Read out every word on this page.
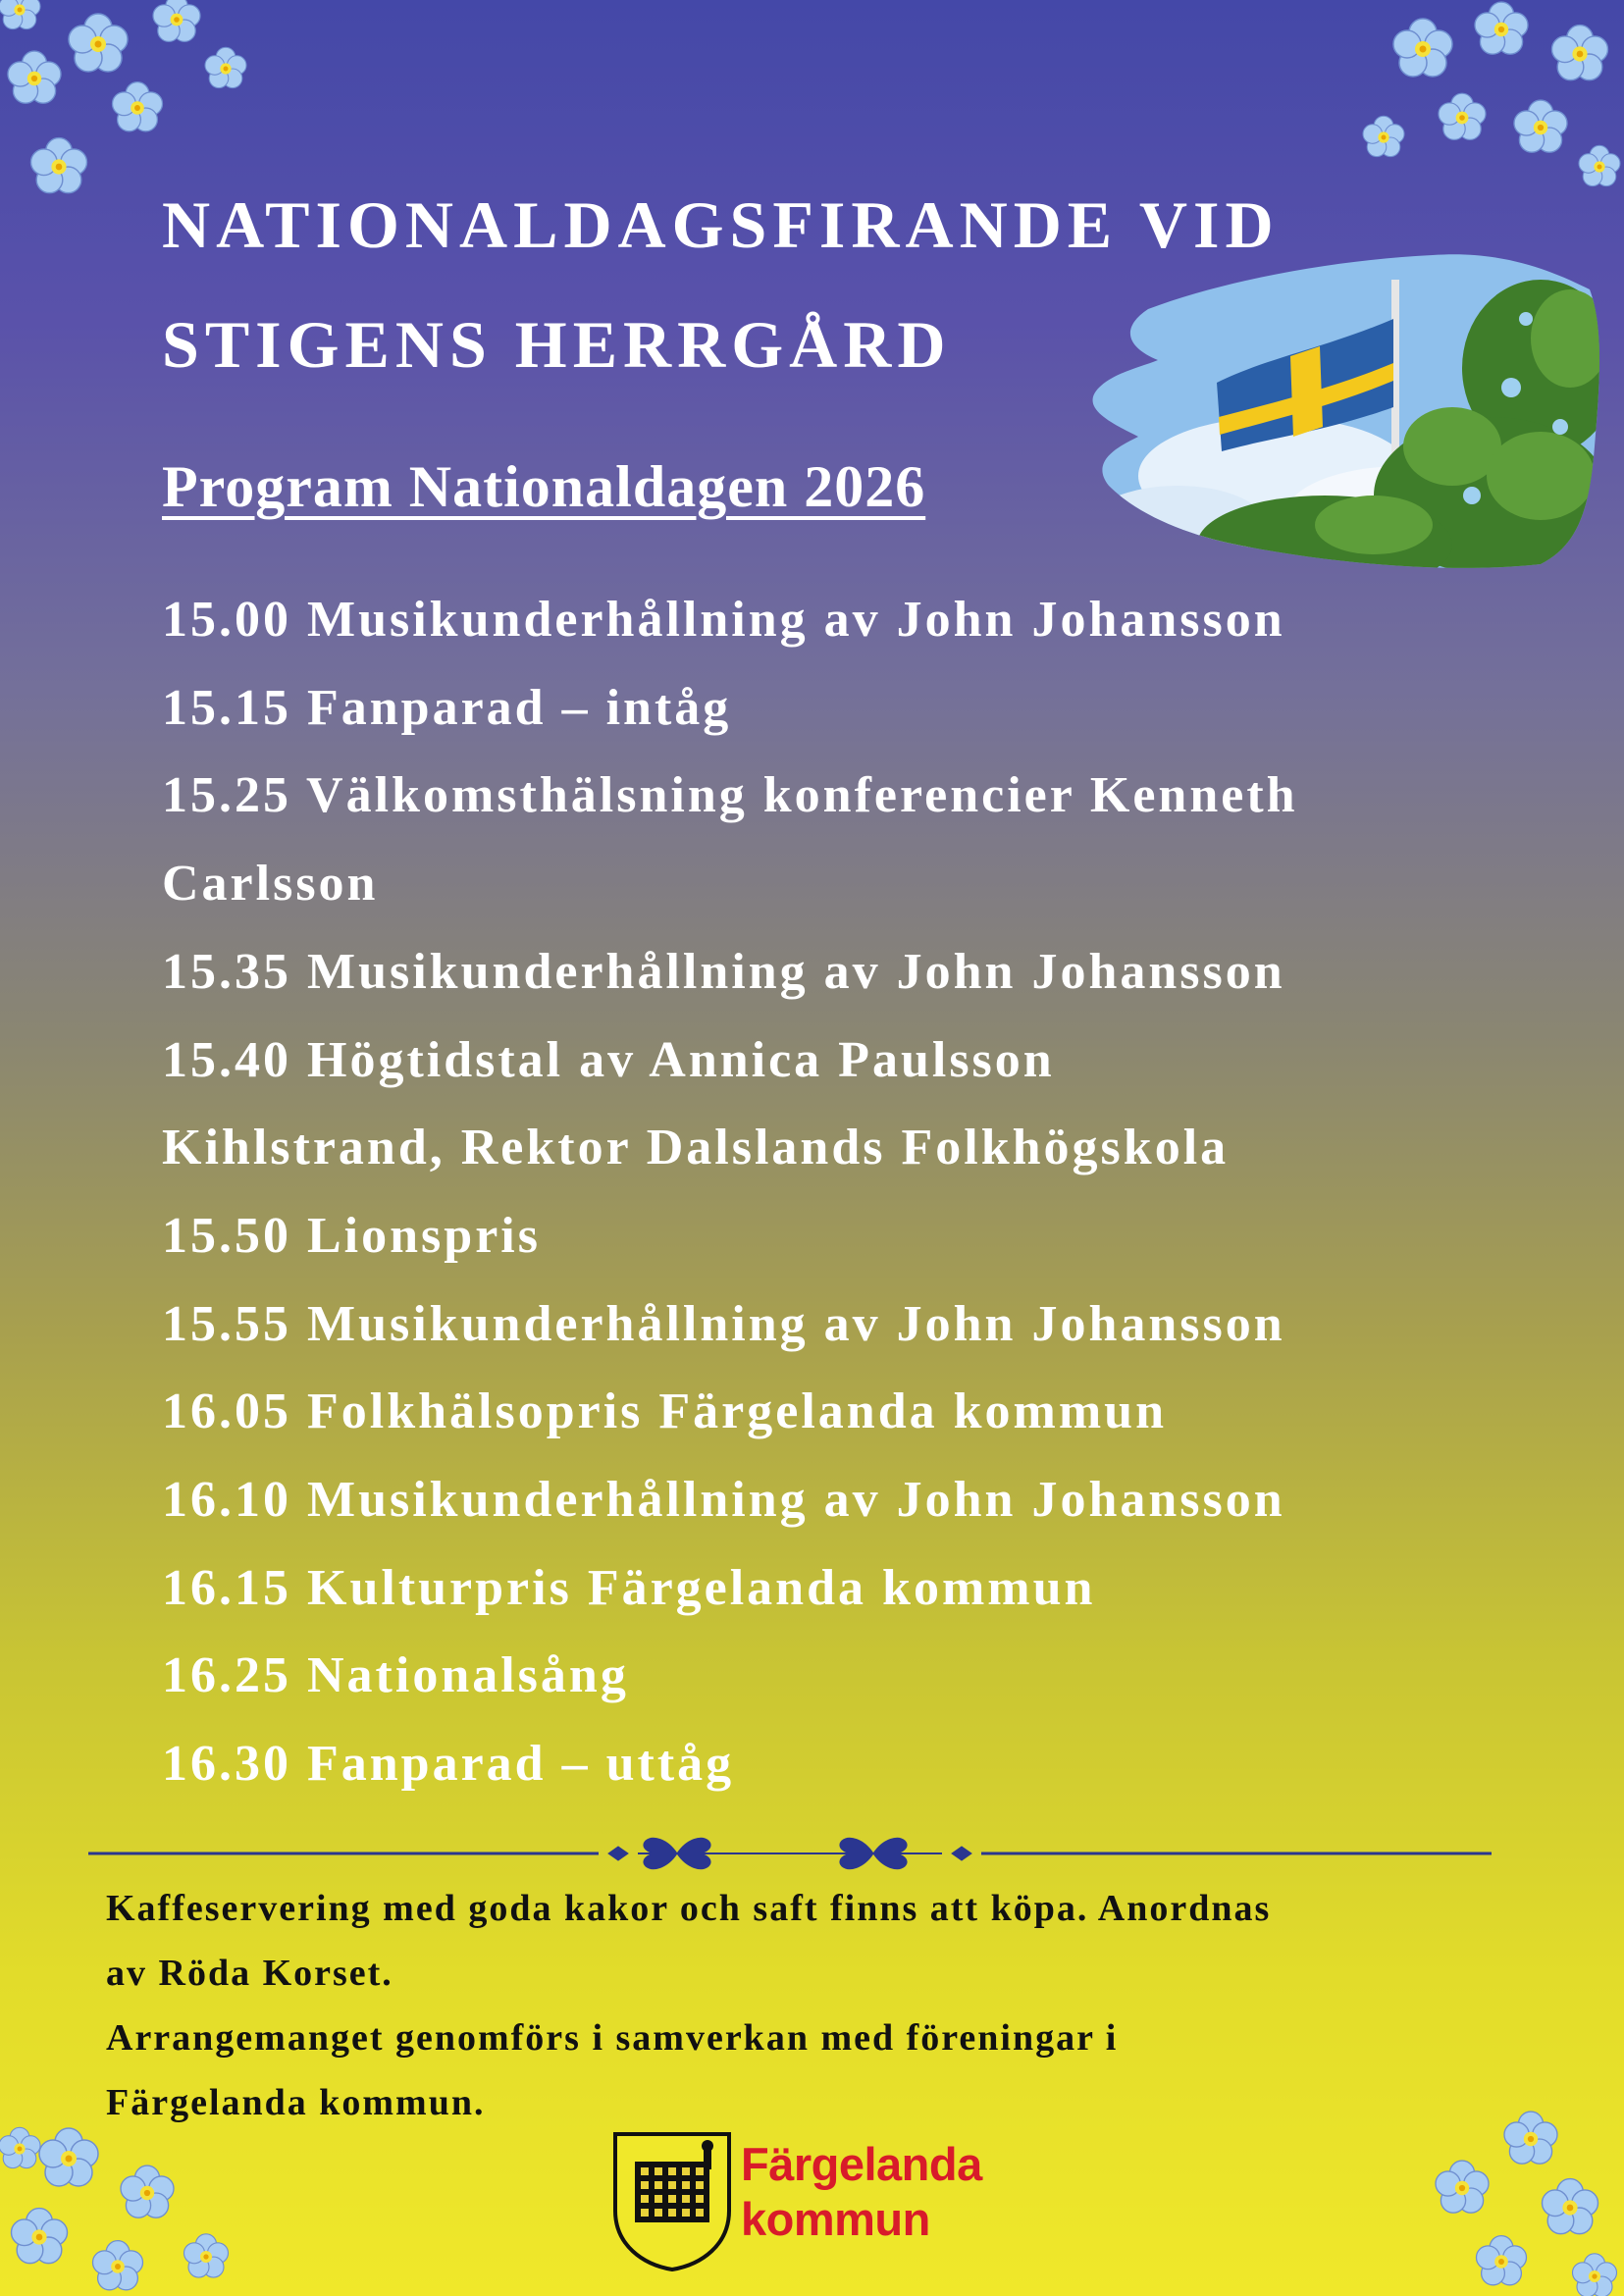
NATIONALDAGSFIRANDE VID
STIGENS HERRGÅRD
Program Nationaldagen 2026
15.00 Musikunderhållning av John Johansson
15.15 Fanparad – intåg
15.25 Välkomsthälsning konferencier Kenneth
Carlsson
15.35 Musikunderhållning av John Johansson
15.40 Högtidstal av Annica Paulsson
Kihlstrand, Rektor Dalslands Folkhögskola
15.50 Lionspris
15.55 Musikunderhållning av John Johansson
16.05 Folkhälsopris Färgelanda kommun
16.10 Musikunderhållning av John Johansson
16.15 Kulturpris Färgelanda kommun
16.25 Nationalsång
16.30 Fanparad – uttåg
Kaffeservering med goda kakor och saft finns att köpa. Anordnas
av Röda Korset.
Arrangemanget genomförs i samverkan med föreningar i
Färgelanda kommun.
Färgelanda
kommun
